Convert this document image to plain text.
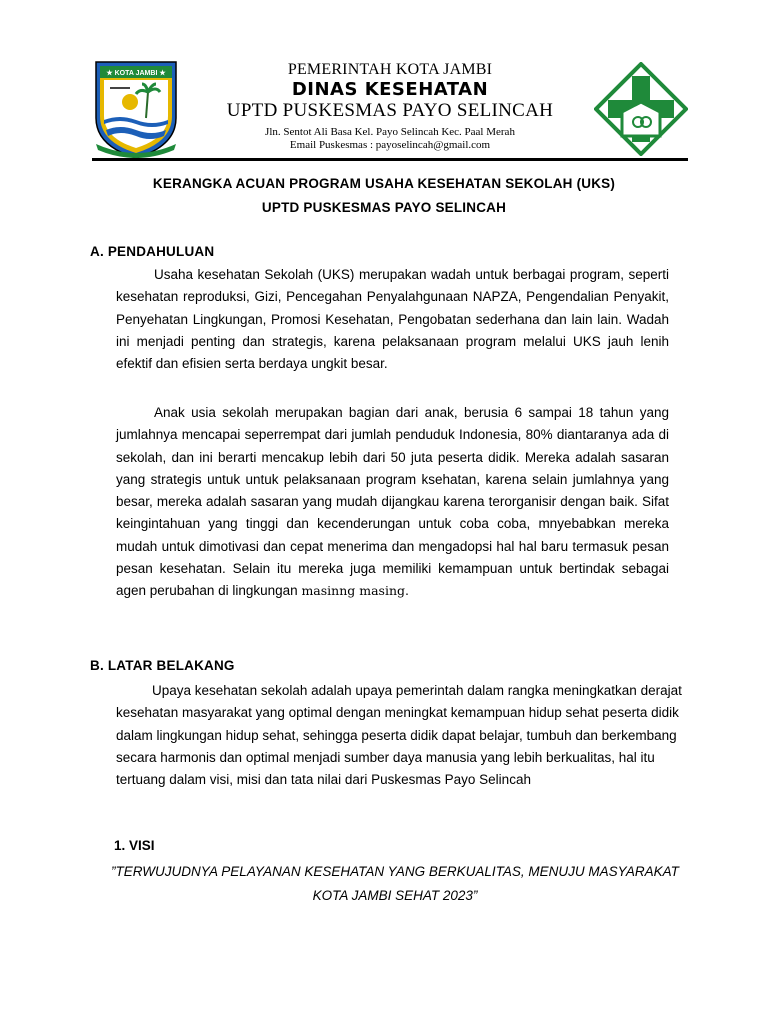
★ KOTA JAMBI ★	PEMERINTAH KOTA JAMBI
DINAS KESEHATAN
UPTD PUSKESMAS PAYO SELINCAH
Jln. Sentot Ali Basa Kel. Payo Selincah Kec. Paal Merah
Email Puskesmas : payoselincah@gmail.com
KERANGKA ACUAN PROGRAM USAHA KESEHATAN SEKOLAH (UKS)
UPTD PUSKESMAS PAYO SELINCAH
A. PENDAHULUAN
Usaha kesehatan Sekolah (UKS) merupakan wadah untuk berbagai program, seperti kesehatan reproduksi, Gizi, Pencegahan Penyalahgunaan NAPZA, Pengendalian Penyakit, Penyehatan Lingkungan, Promosi Kesehatan, Pengobatan sederhana dan lain lain. Wadah ini menjadi penting dan strategis, karena pelaksanaan program melalui UKS jauh lenih efektif dan efisien serta berdaya ungkit besar.
Anak usia sekolah merupakan bagian dari anak, berusia 6 sampai 18 tahun yang jumlahnya mencapai seperrempat dari jumlah penduduk Indonesia, 80% diantaranya ada di sekolah, dan ini berarti mencakup lebih dari 50 juta peserta didik. Mereka adalah sasaran yang strategis untuk untuk pelaksanaan program ksehatan, karena selain jumlahnya yang besar, mereka adalah sasaran yang mudah dijangkau karena terorganisir dengan baik. Sifat keingintahuan yang tinggi dan kecenderungan untuk coba coba, mnyebabkan mereka mudah untuk dimotivasi dan cepat menerima dan mengadopsi hal hal baru termasuk pesan pesan kesehatan. Selain itu mereka juga memiliki kemampuan untuk bertindak sebagai agen perubahan di lingkungan masinng masing.
B. LATAR BELAKANG
Upaya kesehatan sekolah adalah upaya pemerintah dalam rangka meningkatkan derajat kesehatan masyarakat yang optimal dengan meningkat kemampuan hidup sehat peserta didik dalam lingkungan hidup sehat, sehingga peserta didik dapat belajar, tumbuh dan berkembang secara harmonis dan optimal menjadi sumber daya manusia yang lebih berkualitas, hal itu tertuang dalam visi, misi dan tata nilai dari Puskesmas Payo Selincah
1. VISI
”TERWUJUDNYA PELAYANAN KESEHATAN YANG BERKUALITAS, MENUJU MASYARAKAT KOTA JAMBI SEHAT 2023”
